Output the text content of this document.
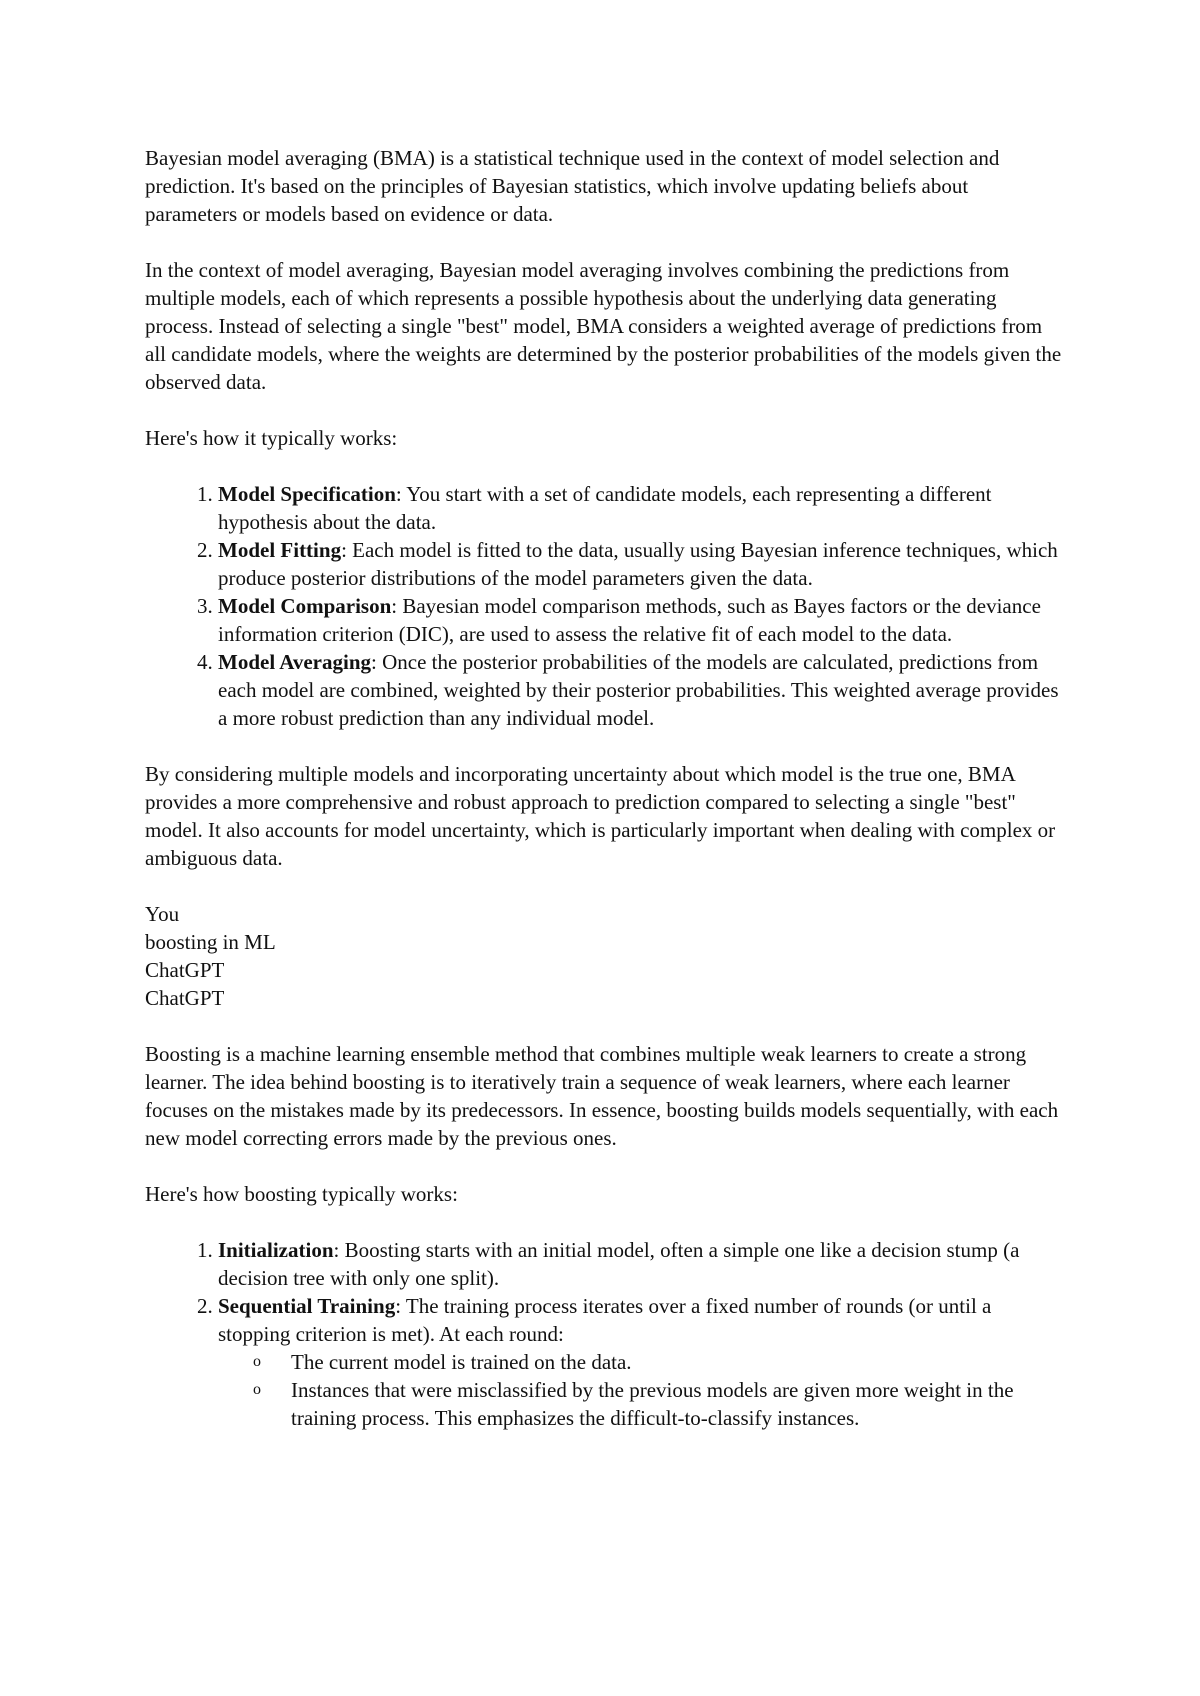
Bayesian model averaging (BMA) is a statistical technique used in the context of model selection and prediction. It's based on the principles of Bayesian statistics, which involve updating beliefs about parameters or models based on evidence or data.

In the context of model averaging, Bayesian model averaging involves combining the predictions from multiple models, each of which represents a possible hypothesis about the underlying data generating process. Instead of selecting a single "best" model, BMA considers a weighted average of predictions from all candidate models, where the weights are determined by the posterior probabilities of the models given the observed data.

Here's how it typically works:

1. Model Specification: You start with a set of candidate models, each representing a different hypothesis about the data.
2. Model Fitting: Each model is fitted to the data, usually using Bayesian inference techniques, which produce posterior distributions of the model parameters given the data.
3. Model Comparison: Bayesian model comparison methods, such as Bayes factors or the deviance information criterion (DIC), are used to assess the relative fit of each model to the data.
4. Model Averaging: Once the posterior probabilities of the models are calculated, predictions from each model are combined, weighted by their posterior probabilities. This weighted average provides a more robust prediction than any individual model.

By considering multiple models and incorporating uncertainty about which model is the true one, BMA provides a more comprehensive and robust approach to prediction compared to selecting a single "best" model. It also accounts for model uncertainty, which is particularly important when dealing with complex or ambiguous data.

You
boosting in ML
ChatGPT
ChatGPT

Boosting is a machine learning ensemble method that combines multiple weak learners to create a strong learner. The idea behind boosting is to iteratively train a sequence of weak learners, where each learner focuses on the mistakes made by its predecessors. In essence, boosting builds models sequentially, with each new model correcting errors made by the previous ones.

Here's how boosting typically works:

1. Initialization: Boosting starts with an initial model, often a simple one like a decision stump (a decision tree with only one split).
2. Sequential Training: The training process iterates over a fixed number of rounds (or until a stopping criterion is met). At each round:
o The current model is trained on the data.
o Instances that were misclassified by the previous models are given more weight in the training process. This emphasizes the difficult-to-classify instances.
